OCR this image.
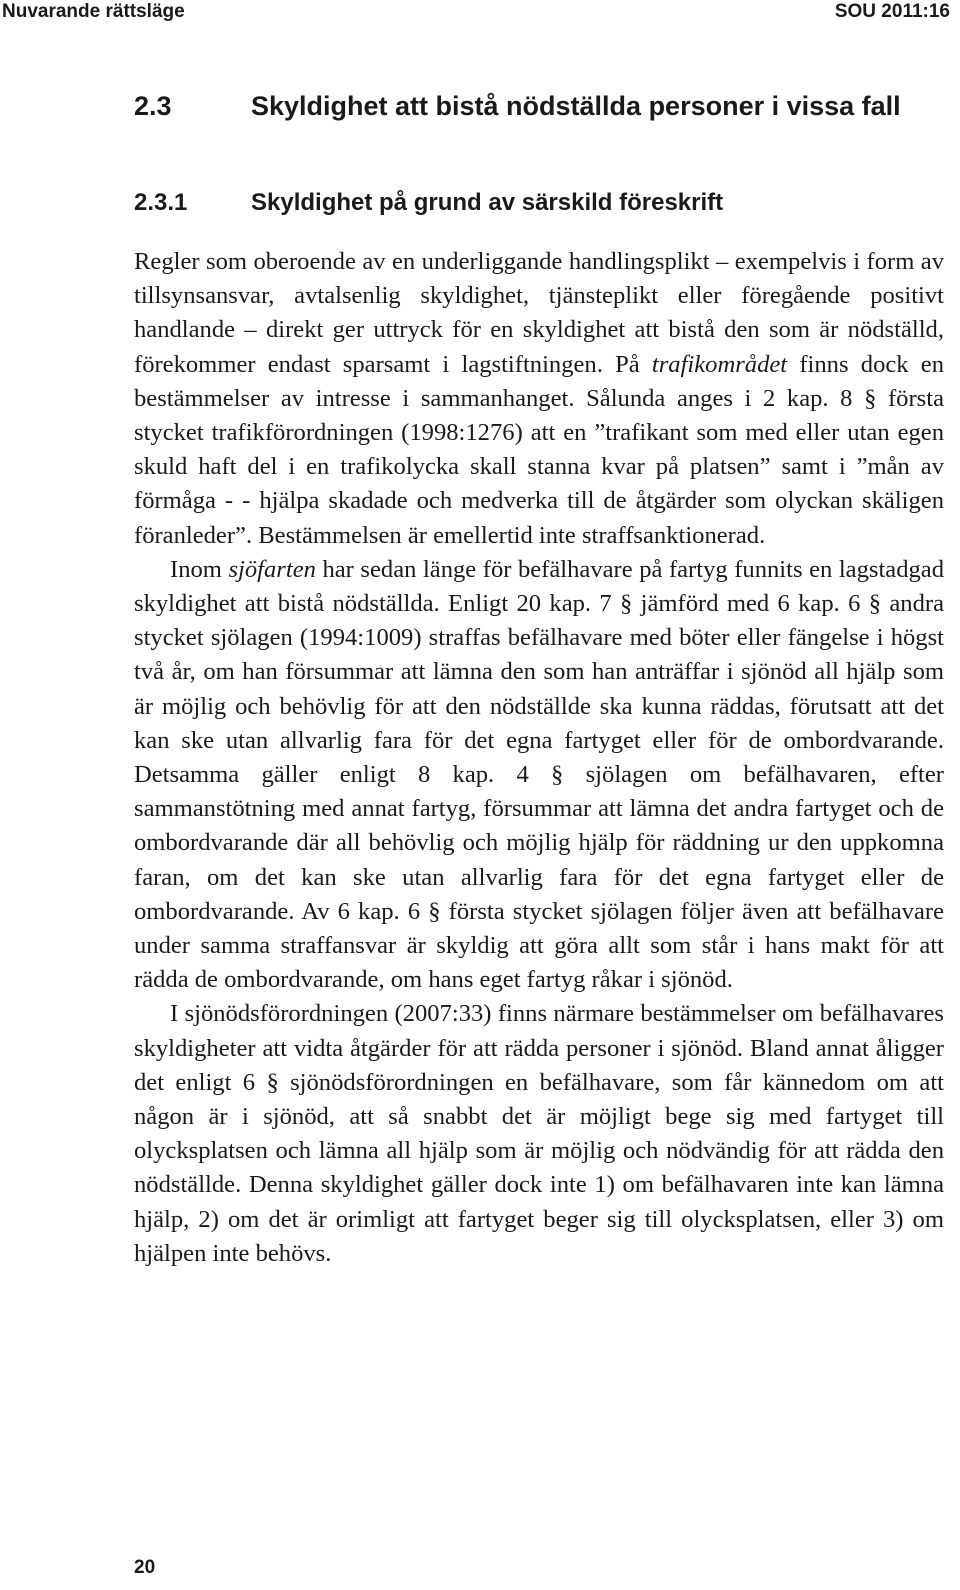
Nuvarande rättsläge	SOU 2011:16
2.3	Skyldighet att bistå nödställda personer i vissa fall
2.3.1	Skyldighet på grund av särskild föreskrift

Regler som oberoende av en underliggande handlingsplikt – exempelvis i form av tillsynsansvar, avtalsenlig skyldighet, tjänsteplikt eller föregående positivt handlande – direkt ger uttryck för en skyldighet att bistå den som är nödställd, förekommer endast sparsamt i lagstiftningen. På trafikområdet finns dock en bestämmelser av intresse i sammanhanget. Sålunda anges i 2 kap. 8 § första stycket trafikförordningen (1998:1276) att en ”trafikant som med eller utan egen skuld haft del i en trafikolycka skall stanna kvar på platsen” samt i ”mån av förmåga - - hjälpa skadade och medverka till de åtgärder som olyckan skäligen föranleder”. Bestämmelsen är emellertid inte straffsanktionerad.

Inom sjöfarten har sedan länge för befälhavare på fartyg funnits en lagstadgad skyldighet att bistå nödställda. Enligt 20 kap. 7 § jämförd med 6 kap. 6 § andra stycket sjölagen (1994:1009) straffas befälhavare med böter eller fängelse i högst två år, om han försummar att lämna den som han anträffar i sjönöd all hjälp som är möjlig och behövlig för att den nödställde ska kunna räddas, förutsatt att det kan ske utan allvarlig fara för det egna fartyget eller för de ombordvarande. Detsamma gäller enligt 8 kap. 4 § sjölagen om befälhavaren, efter sammanstötning med annat fartyg, försummar att lämna det andra fartyget och de ombordvarande där all behövlig och möjlig hjälp för räddning ur den uppkomna faran, om det kan ske utan allvarlig fara för det egna fartyget eller de ombordvarande. Av 6 kap. 6 § första stycket sjölagen följer även att befälhavare under samma straffansvar är skyldig att göra allt som står i hans makt för att rädda de ombordvarande, om hans eget fartyg råkar i sjönöd.

I sjönödsförordningen (2007:33) finns närmare bestämmelser om befälhavares skyldigheter att vidta åtgärder för att rädda personer i sjönöd. Bland annat åligger det enligt 6 § sjönödsförordningen en befälhavare, som får kännedom om att någon är i sjönöd, att så snabbt det är möjligt bege sig med fartyget till olycksplatsen och lämna all hjälp som är möjlig och nödvändig för att rädda den nödställde. Denna skyldighet gäller dock inte 1) om befälhavaren inte kan lämna hjälp, 2) om det är orimligt att fartyget beger sig till olycksplatsen, eller 3) om hjälpen inte behövs.

20
